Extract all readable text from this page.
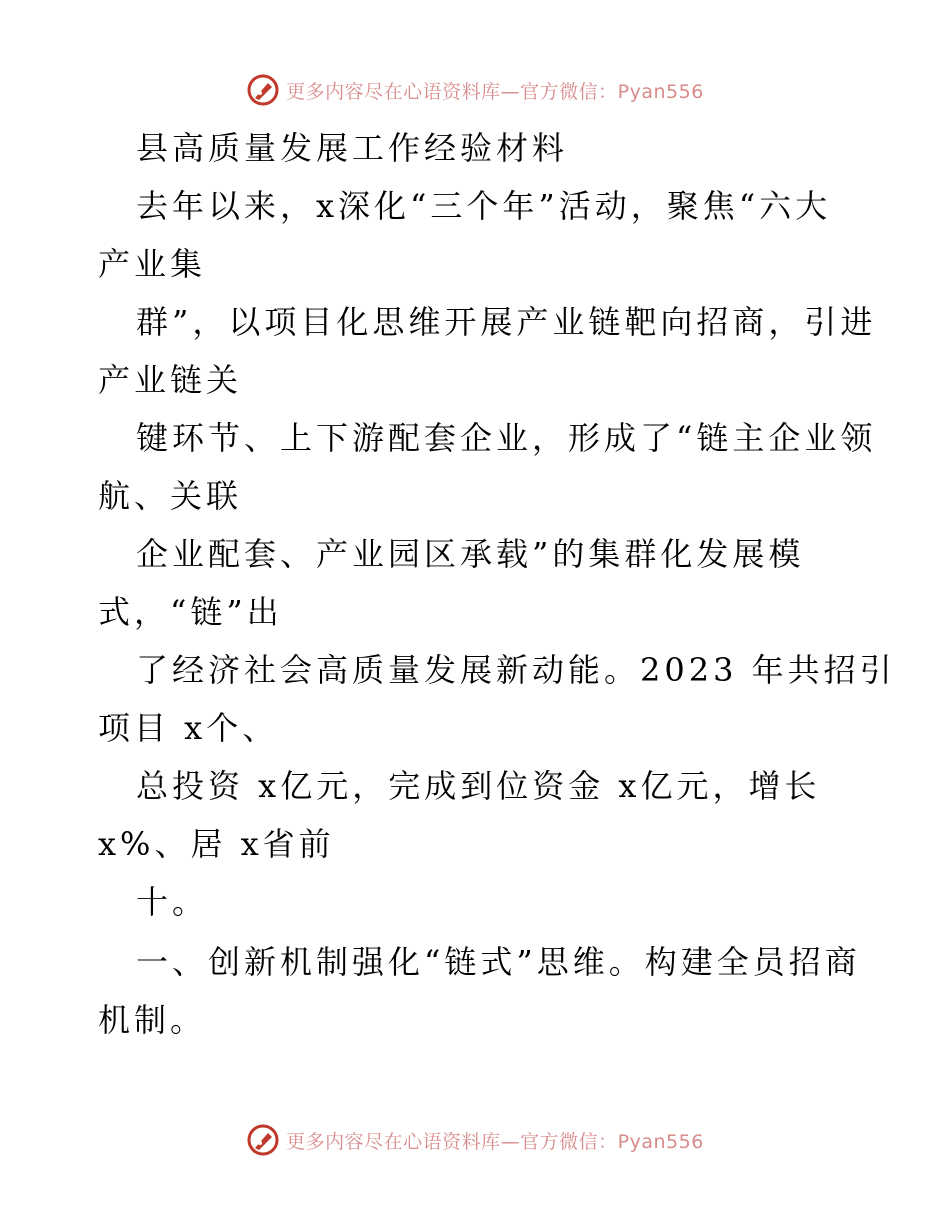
更多内容尽在心语资料库—官方微信：Pyan556
县高质量发展工作经验材料
去年以来，x深化“三个年”活动，聚焦“六大
产业集
群”，以项目化思维开展产业链靶向招商，引进
产业链关
键环节、上下游配套企业，形成了“链主企业领
航、关联
企业配套、产业园区承载”的集群化发展模
式，“链”出
了经济社会高质量发展新动能。2023 年共招引
项目 x个、
总投资 x亿元，完成到位资金 x亿元，增长
x%、居 x省前
十。
一、创新机制强化“链式”思维。构建全员招商
机制。
更多内容尽在心语资料库—官方微信：Pyan556
